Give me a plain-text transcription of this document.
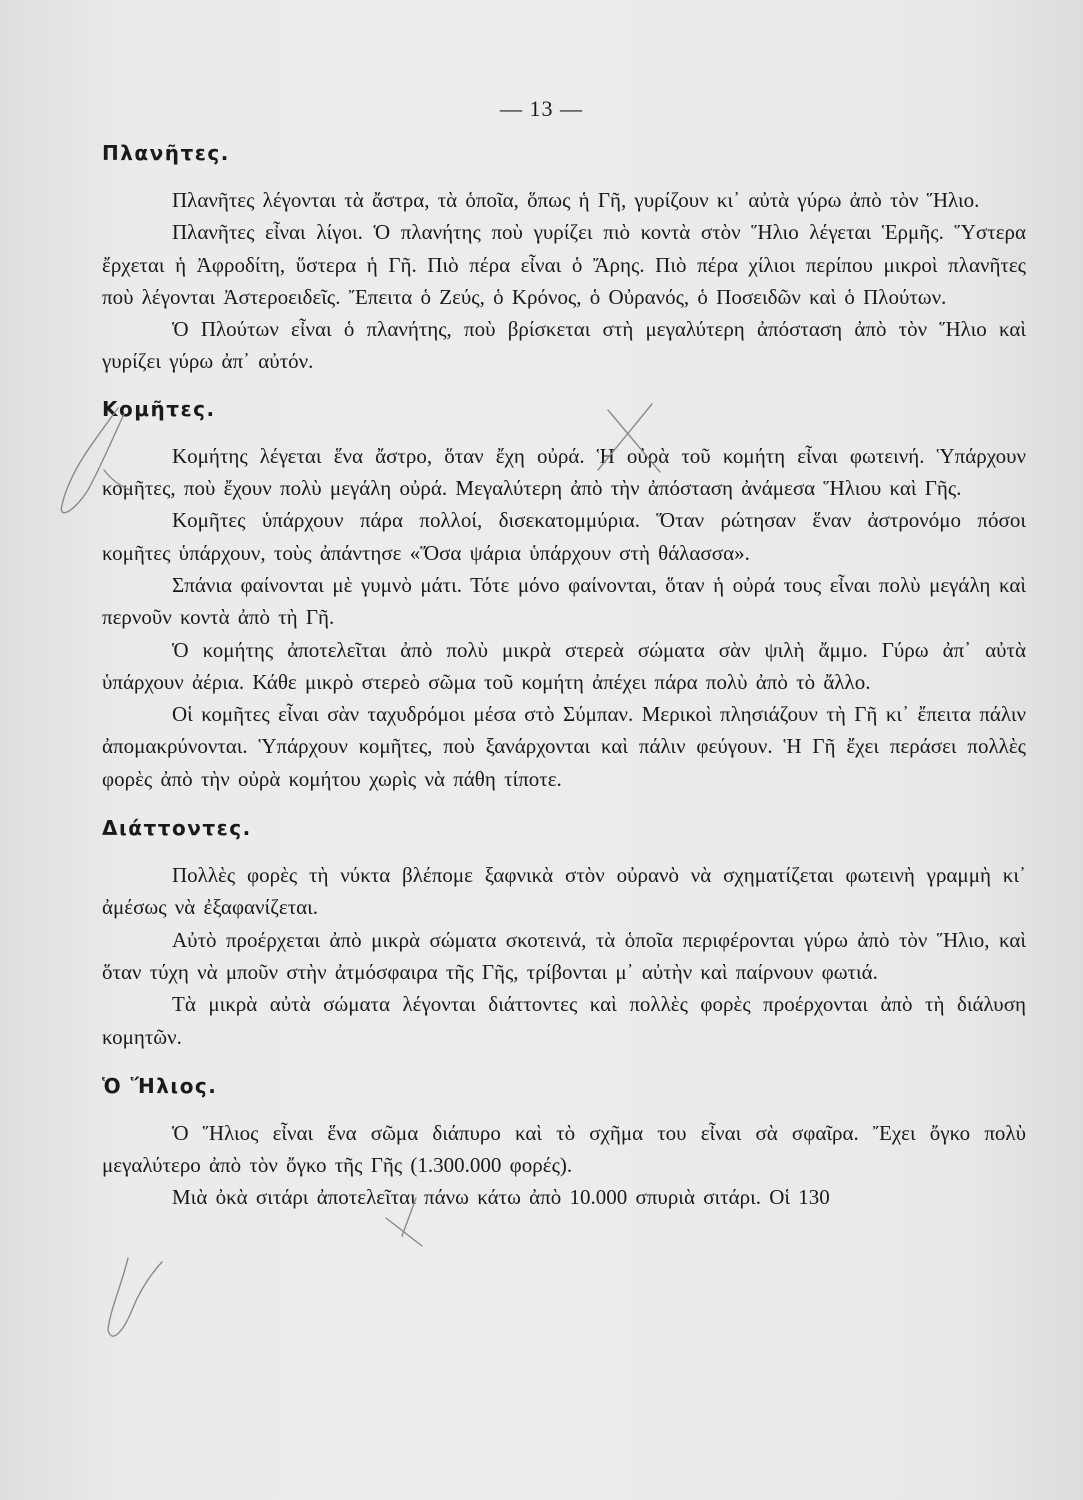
— 13 —
Πλανῆτες.

Πλανῆτες λέγονται τὰ ἄστρα, τὰ ὁποῖα, ὅπως ἡ Γῆ, γυρίζουν κι᾽ αὐτὰ γύρω ἀπὸ τὸν Ἥλιο.

Πλανῆτες εἶναι λίγοι. Ὁ πλανήτης ποὺ γυρίζει πιὸ κοντὰ στὸν Ἥλιο λέγεται Ἑρμῆς. Ὕστερα ἔρχεται ἡ Ἀφροδίτη, ὕστερα ἡ Γῆ. Πιὸ πέρα εἶναι ὁ Ἄρης. Πιὸ πέρα χίλιοι περίπου μικροὶ πλανῆτες ποὺ λέγονται Ἀστεροειδεῖς. Ἔπειτα ὁ Ζεύς, ὁ Κρόνος, ὁ Οὐρανός, ὁ Ποσειδῶν καὶ ὁ Πλούτων.

Ὁ Πλούτων εἶναι ὁ πλανήτης, ποὺ βρίσκεται στὴ μεγαλύτερη ἀπόσταση ἀπὸ τὸν Ἥλιο καὶ γυρίζει γύρω ἀπ᾽ αὐτόν.

Κομῆτες.

Κομήτης λέγεται ἕνα ἄστρο, ὅταν ἔχη οὐρά. Ἡ οὐρὰ τοῦ κομήτη εἶναι φωτεινή. Ὑπάρχουν κομῆτες, ποὺ ἔχουν πολὺ μεγάλη οὐρά. Μεγαλύτερη ἀπὸ τὴν ἀπόσταση ἀνάμεσα Ἥλιου καὶ Γῆς.

Κομῆτες ὑπάρχουν πάρα πολλοί, δισεκατομμύρια. Ὅταν ρώτησαν ἕναν ἀστρονόμο πόσοι κομῆτες ὑπάρχουν, τοὺς ἀπάντησε «Ὅσα ψάρια ὑπάρχουν στὴ θάλασσα».

Σπάνια φαίνονται μὲ γυμνὸ μάτι. Τότε μόνο φαίνονται, ὅταν ἡ οὐρά τους εἶναι πολὺ μεγάλη καὶ περνοῦν κοντὰ ἀπὸ τὴ Γῆ.

Ὁ κομήτης ἀποτελεῖται ἀπὸ πολὺ μικρὰ στερεὰ σώματα σὰν ψιλὴ ἄμμο. Γύρω ἀπ᾽ αὐτὰ ὑπάρχουν ἀέρια. Κάθε μικρὸ στερεὸ σῶμα τοῦ κομήτη ἀπέχει πάρα πολὺ ἀπὸ τὸ ἄλλο.

Οἱ κομῆτες εἶναι σὰν ταχυδρόμοι μέσα στὸ Σύμπαν. Μερικοὶ πλησιάζουν τὴ Γῆ κι᾽ ἔπειτα πάλιν ἀπομακρύνονται. Ὑπάρχουν κομῆτες, ποὺ ξανάρχονται καὶ πάλιν φεύγουν. Ἡ Γῆ ἔχει περάσει πολλὲς φορὲς ἀπὸ τὴν οὐρὰ κομήτου χωρὶς νὰ πάθη τίποτε.

Διάττοντες.

Πολλὲς φορὲς τὴ νύκτα βλέπομε ξαφνικὰ στὸν οὐρανὸ νὰ σχηματίζεται φωτεινὴ γραμμὴ κι᾽ ἀμέσως νὰ ἐξαφανίζεται.

Αὐτὸ προέρχεται ἀπὸ μικρὰ σώματα σκοτεινά, τὰ ὁποῖα περιφέρονται γύρω ἀπὸ τὸν Ἥλιο, καὶ ὅταν τύχη νὰ μποῦν στὴν ἀτμόσφαιρα τῆς Γῆς, τρίβονται μ᾽ αὐτὴν καὶ παίρνουν φωτιά.

Τὰ μικρὰ αὐτὰ σώματα λέγονται διάττοντες καὶ πολλὲς φορὲς προέρχονται ἀπὸ τὴ διάλυση κομητῶν.

Ὁ Ἥλιος.

Ὁ Ἥλιος εἶναι ἕνα σῶμα διάπυρο καὶ τὸ σχῆμα του εἶναι σὰ σφαῖρα. Ἔχει ὄγκο πολὺ μεγαλύτερο ἀπὸ τὸν ὄγκο τῆς Γῆς (1.300.000 φορές).

Μιὰ ὀκὰ σιτάρι ἀποτελεῖται πάνω κάτω ἀπὸ 10.000 σπυριὰ σιτάρι. Οἱ 130
